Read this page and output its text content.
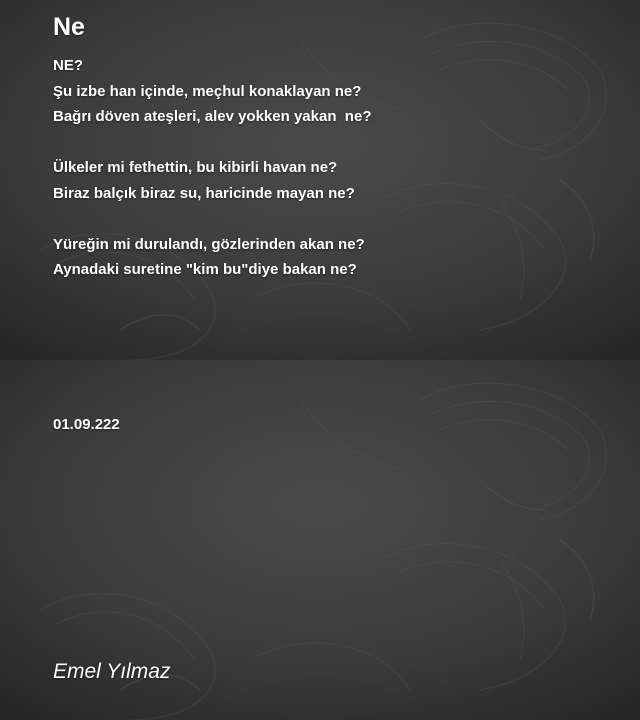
Ne
NE?
Şu izbe han içinde, meçhul konaklayan ne?
Bağrı döven ateşleri, alev yokken yakan  ne?
Ülkeler mi fethettin, bu kibirli havan ne?
Biraz balçık biraz su, haricinde mayan ne?
Yüreğin mi durulandı, gözlerinden akan ne?
Aynadaki suretine "kim bu"diye bakan ne?
01.09.222
Emel Yılmaz
